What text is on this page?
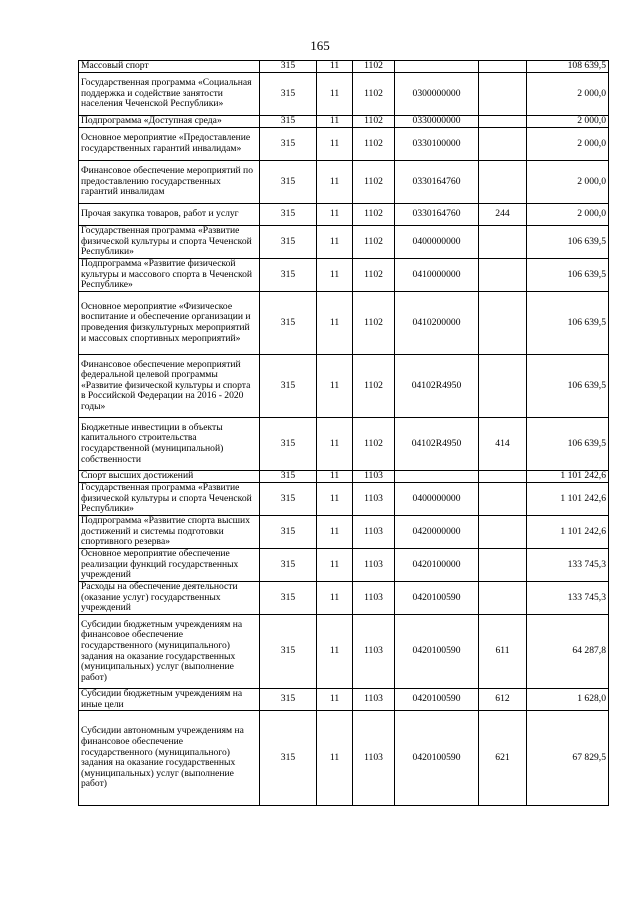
165
Массовый спорт	315	11	1102			108 639,5
Государственная программа «Социальная поддержка и содействие занятости населения Чеченской Республики»	315	11	1102	0300000000		2 000,0
Подпрограмма «Доступная среда»	315	11	1102	0330000000		2 000,0
Основное мероприятие «Предоставление государственных гарантий инвалидам»	315	11	1102	0330100000		2 000,0
Финансовое обеспечение мероприятий по предоставлению государственных гарантий инвалидам	315	11	1102	0330164760		2 000,0
Прочая закупка товаров, работ и услуг	315	11	1102	0330164760	244	2 000,0
Государственная программа «Развитие физической культуры и спорта Чеченской Республики»	315	11	1102	0400000000		106 639,5
Подпрограмма «Развитие физической культуры и массового спорта в Чеченской Республике»	315	11	1102	0410000000		106 639,5
Основное мероприятие «Физическое воспитание и обеспечение организации и проведения физкультурных мероприятий и массовых спортивных мероприятий»	315	11	1102	0410200000		106 639,5
Финансовое обеспечение мероприятий федеральной целевой программы «Развитие физической культуры и спорта в Российской Федерации на 2016 - 2020 годы»	315	11	1102	04102R4950		106 639,5
Бюджетные инвестиции в объекты капитального строительства государственной (муниципальной) собственности	315	11	1102	04102R4950	414	106 639,5
Спорт высших достижений	315	11	1103			1 101 242,6
Государственная программа «Развитие физической культуры и спорта Чеченской Республики»	315	11	1103	0400000000		1 101 242,6
Подпрограмма «Развитие спорта высших достижений и системы подготовки спортивного резерва»	315	11	1103	0420000000		1 101 242,6
Основное мероприятие обеспечение реализации функций государственных учреждений	315	11	1103	0420100000		133 745,3
Расходы на обеспечение деятельности (оказание услуг) государственных учреждений	315	11	1103	0420100590		133 745,3
Субсидии бюджетным учреждениям на финансовое обеспечение государственного (муниципального) задания на оказание государственных (муниципальных) услуг (выполнение работ)	315	11	1103	0420100590	611	64 287,8
Субсидии бюджетным учреждениям на иные цели	315	11	1103	0420100590	612	1 628,0
Субсидии автономным учреждениям на финансовое обеспечение государственного (муниципального) задания на оказание государственных (муниципальных) услуг (выполнение работ)	315	11	1103	0420100590	621	67 829,5
